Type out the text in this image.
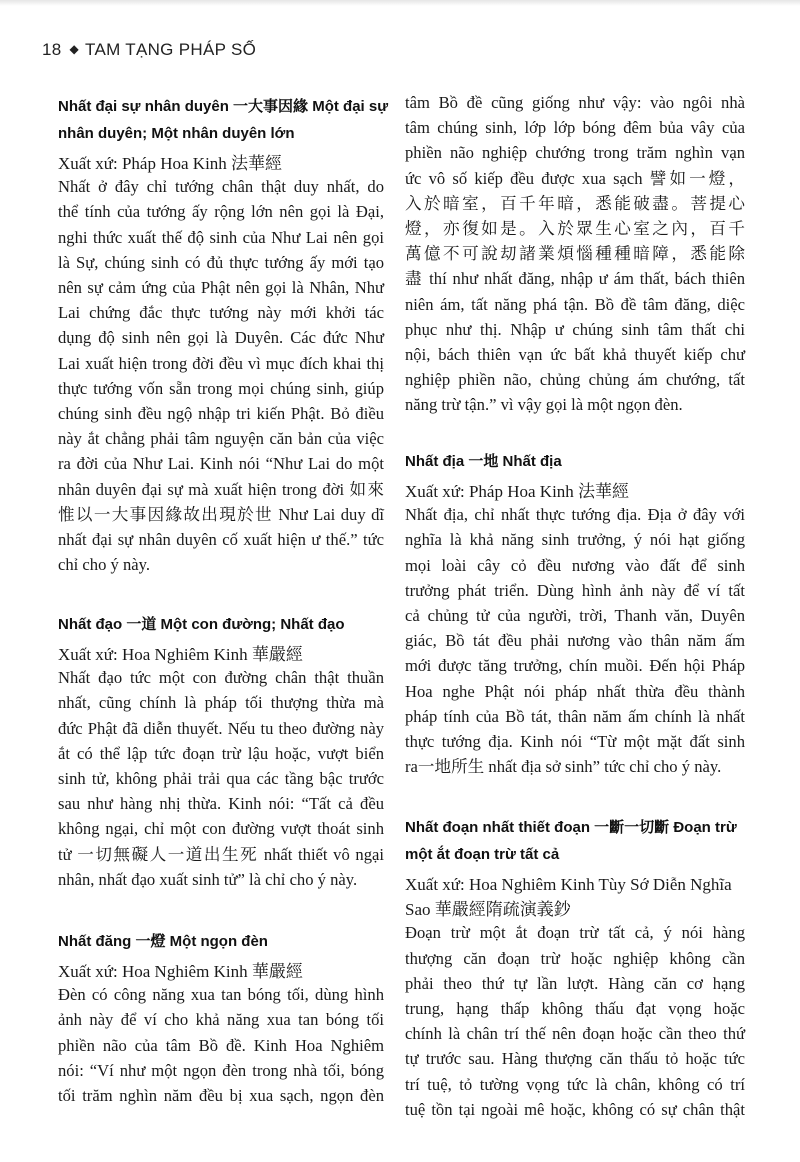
18 ◆ TAM TẠNG PHÁP SỐ
Nhất đại sự nhân duyên 一大事因緣 Một đại sự
nhân duyên; Một nhân duyên lớn
Xuất xứ: Pháp Hoa Kinh 法華經
Nhất ở đây chỉ tướng chân thật duy nhất, do
thể tính của tướng ấy rộng lớn nên gọi là Đại,
nghi thức xuất thế độ sinh của Như Lai nên gọi
là Sự, chúng sinh có đủ thực tướng ấy mới tạo
nên sự cảm ứng của Phật nên gọi là Nhân, Như
Lai chứng đắc thực tướng này mới khởi tác
dụng độ sinh nên gọi là Duyên. Các đức Như
Lai xuất hiện trong đời đều vì mục đích khai thị
thực tướng vốn sẵn trong mọi chúng sinh, giúp
chúng sinh đều ngộ nhập tri kiến Phật. Bỏ điều
này ắt chẳng phải tâm nguyện căn bản của việc
ra đời của Như Lai. Kinh nói “Như Lai do một
nhân duyên đại sự mà xuất hiện trong đời 如來
惟以一大事因緣故出現於世 Như Lai duy dĩ
nhất đại sự nhân duyên cố xuất hiện ư thế.” tức
chỉ cho ý này.
Nhất đạo 一道 Một con đường; Nhất đạo
Xuất xứ: Hoa Nghiêm Kinh 華嚴經
Nhất đạo tức một con đường chân thật thuần
nhất, cũng chính là pháp tối thượng thừa mà
đức Phật đã diễn thuyết. Nếu tu theo đường này
ắt có thể lập tức đoạn trừ lậu hoặc, vượt biển
sinh tử, không phải trải qua các tầng bậc trước
sau như hàng nhị thừa. Kinh nói: “Tất cả đều
không ngại, chỉ một con đường vượt thoát sinh
tử 一切無礙人一道出生死 nhất thiết vô ngại
nhân, nhất đạo xuất sinh tử” là chỉ cho ý này.
Nhất đăng 一燈 Một ngọn đèn
Xuất xứ: Hoa Nghiêm Kinh 華嚴經
Đèn có công năng xua tan bóng tối, dùng hình
ảnh này để ví cho khả năng xua tan bóng tối
phiền não của tâm Bồ đề. Kinh Hoa Nghiêm
nói: “Ví như một ngọn đèn trong nhà tối, bóng
tối trăm nghìn năm đều bị xua sạch, ngọn đèn
tâm Bồ đề cũng giống như vậy: vào ngôi nhà
tâm chúng sinh, lớp lớp bóng đêm bủa vây của
phiền não nghiệp chướng trong trăm nghìn vạn
ức vô số kiếp đều được xua sạch 譬如一燈，
入於暗室，百千年暗，悉能破盡。菩提心
燈，亦復如是。入於眾生心室之內，百千
萬億不可說刧諸業煩惱種種暗障，悉能除
盡 thí như nhất đăng, nhập ư ám thất, bách thiên
niên ám, tất năng phá tận. Bồ đề tâm đăng, diệc
phục như thị. Nhập ư chúng sinh tâm thất chi
nội, bách thiên vạn ức bất khả thuyết kiếp chư
nghiệp phiền não, chủng chủng ám chướng, tất
năng trừ tận.” vì vậy gọi là một ngọn đèn.
Nhất địa 一地 Nhất địa
Xuất xứ: Pháp Hoa Kinh 法華經
Nhất địa, chỉ nhất thực tướng địa. Địa ở đây với
nghĩa là khả năng sinh trưởng, ý nói hạt giống
mọi loài cây cỏ đều nương vào đất để sinh
trưởng phát triển. Dùng hình ảnh này để ví tất
cả chủng tử của người, trời, Thanh văn, Duyên
giác, Bồ tát đều phải nương vào thân năm ấm
mới được tăng trưởng, chín muồi. Đến hội Pháp
Hoa nghe Phật nói pháp nhất thừa đều thành
pháp tính của Bồ tát, thân năm ấm chính là nhất
thực tướng địa. Kinh nói “Từ một mặt đất sinh
ra一地所生 nhất địa sở sinh” tức chỉ cho ý này.
Nhất đoạn nhất thiết đoạn 一斷一切斷 Đoạn trừ
một ắt đoạn trừ tất cả
Xuất xứ: Hoa Nghiêm Kinh Tùy Sớ Diễn Nghĩa
Sao 華嚴經隋疏演義鈔
Đoạn trừ một ắt đoạn trừ tất cả, ý nói hàng
thượng căn đoạn trừ hoặc nghiệp không cần
phải theo thứ tự lần lượt. Hàng căn cơ hạng
trung, hạng thấp không thấu đạt vọng hoặc
chính là chân trí thế nên đoạn hoặc cần theo thứ
tự trước sau. Hàng thượng căn thấu tỏ hoặc tức
trí tuệ, tỏ tường vọng tức là chân, không có trí
tuệ tồn tại ngoài mê hoặc, không có sự chân thật
